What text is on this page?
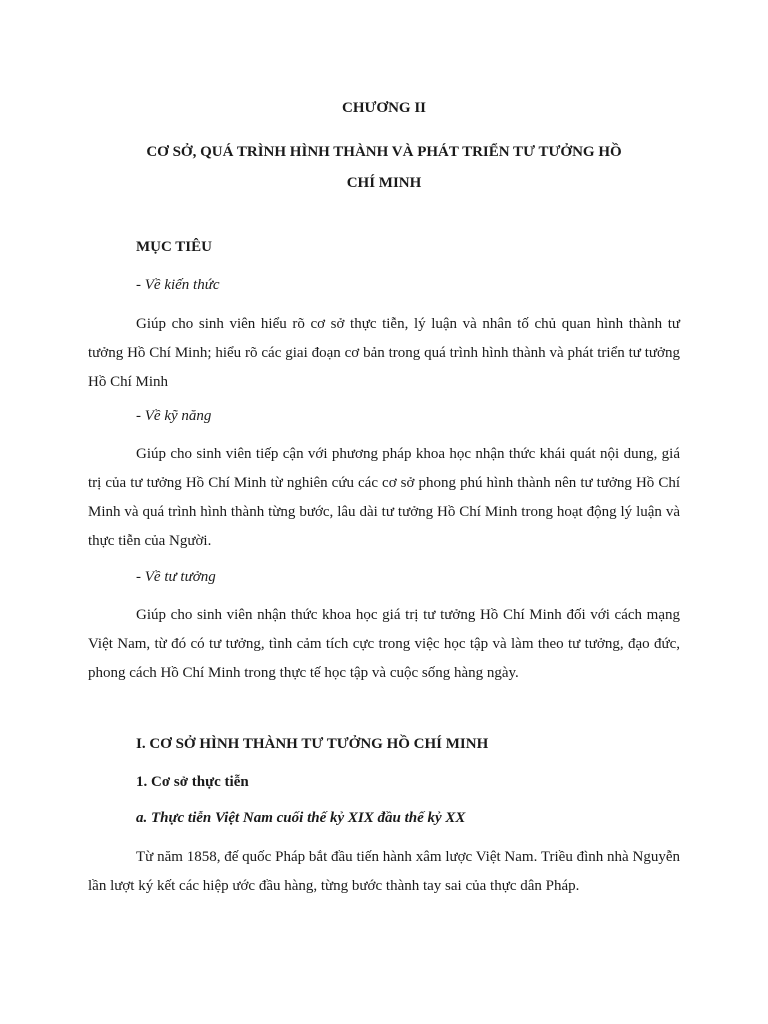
CHƯƠNG II
CƠ SỞ, QUÁ TRÌNH HÌNH THÀNH VÀ PHÁT TRIỂN TƯ TƯỞNG HỒ CHÍ MINH
MỤC TIÊU
- Về kiến thức

Giúp cho sinh viên hiểu rõ cơ sở thực tiễn, lý luận và nhân tố chủ quan hình thành tư tưởng Hồ Chí Minh; hiểu rõ các giai đoạn cơ bản trong quá trình hình thành và phát triển tư tưởng Hồ Chí Minh

- Về kỹ năng

Giúp cho sinh viên tiếp cận với phương pháp khoa học nhận thức khái quát nội dung, giá trị của tư tưởng Hồ Chí Minh từ nghiên cứu các cơ sở phong phú hình thành nên tư tưởng Hồ Chí Minh và quá trình hình thành từng bước, lâu dài tư tưởng Hồ Chí Minh trong hoạt động lý luận và thực tiễn của Người.

- Về tư tưởng

Giúp cho sinh viên nhận thức khoa học giá trị tư tưởng Hồ Chí Minh đối với cách mạng Việt Nam, từ đó có tư tưởng, tình cảm tích cực trong việc học tập và làm theo tư tưởng, đạo đức, phong cách Hồ Chí Minh trong thực tế học tập và cuộc sống hàng ngày.

I. CƠ SỞ HÌNH THÀNH TƯ TƯỞNG HỒ CHÍ MINH
1. Cơ sở thực tiễn
a. Thực tiễn Việt Nam cuối thế kỷ XIX đầu thế kỷ XX

Từ năm 1858, đế quốc Pháp bắt đầu tiến hành xâm lược Việt Nam. Triều đình nhà Nguyễn lần lượt ký kết các hiệp ước đầu hàng, từng bước thành tay sai của thực dân Pháp.
